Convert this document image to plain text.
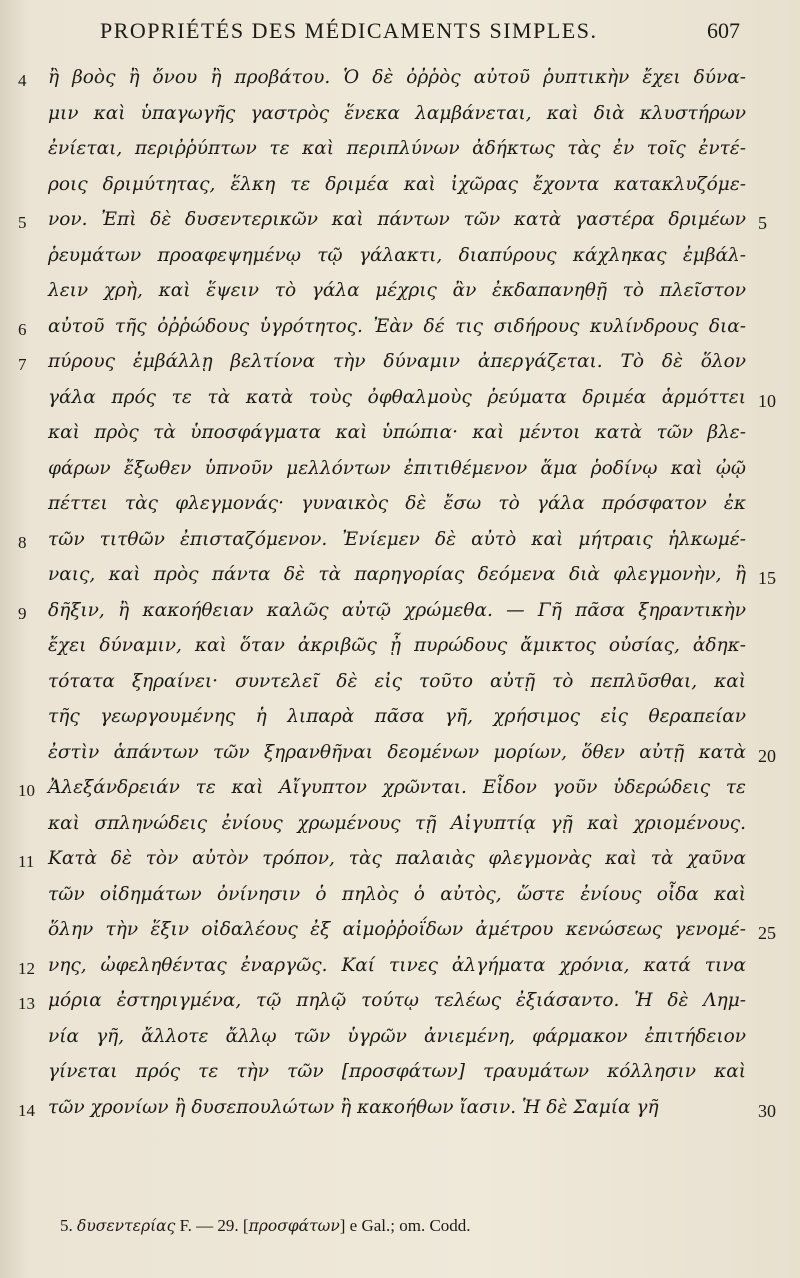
PROPRIÉTÉS DES MÉDICAMENTS SIMPLES.	607
4 ἢ βοὸς ἢ ὄνου ἢ προβάτου. Ὁ δὲ ὀῤῥὸς αὐτοῦ ῥυπτικὴν ἔχει δύνα-
μιν καὶ ὑπαγωγῆς γαστρὸς ἕνεκα λαμβάνεται, καὶ διὰ κλυστήρων
ἐνίεται, περιῤῥύπτων τε καὶ περιπλύνων ἀδήκτως τὰς ἐν τοῖς ἐντέ-
ροις δριμύτητας, ἕλκη τε δριμέα καὶ ἰχῶρας ἔχοντα κατακλυζόμε-
5 νον. Ἐπὶ δὲ δυσεντερικῶν καὶ πάντων τῶν κατὰ γαστέρα δριμέων 5
ῥευμάτων προαφεψημένῳ τῷ γάλακτι, διαπύρους κάχληκας ἐμβάλ-
λειν χρὴ, καὶ ἕψειν τὸ γάλα μέχρις ἂν ἐκδαπανηθῇ τὸ πλεῖστον
6 αὐτοῦ τῆς ὀῤῥώδους ὑγρότητος. Ἐὰν δέ τις σιδήρους κυλίνδρους δια-
7 πύρους ἐμβάλλῃ βελτίονα τὴν δύναμιν ἀπεργάζεται. Τὸ δὲ ὅλον
γάλα πρός τε τὰ κατὰ τοὺς ὀφθαλμοὺς ῥεύματα δριμέα ἁρμόττει 10
καὶ πρὸς τὰ ὑποσφάγματα καὶ ὑπώπια· καὶ μέντοι κατὰ τῶν βλε-
φάρων ἔξωθεν ὑπνοῦν μελλόντων ἐπιτιθέμενον ἅμα ῥοδίνῳ καὶ ᾠῷ
πέττει τὰς φλεγμονάς· γυναικὸς δὲ ἔσω τὸ γάλα πρόσφατον ἐκ
8 τῶν τιτθῶν ἐπισταζόμενον. Ἐνίεμεν δὲ αὐτὸ καὶ μήτραις ἡλκωμέ-
ναις, καὶ πρὸς πάντα δὲ τὰ παρηγορίας δεόμενα διὰ φλεγμονὴν, ἢ 15
9 δῆξιν, ἢ κακοήθειαν καλῶς αὐτῷ χρώμεθα. — Γῆ πᾶσα ξηραντικὴν
ἔχει δύναμιν, καὶ ὅταν ἀκριβῶς ᾖ πυρώδους ἄμικτος οὐσίας, ἀδηκ-
τότατα ξηραίνει· συντελεῖ δὲ εἰς τοῦτο αὐτῇ τὸ πεπλῦσθαι, καὶ
τῆς γεωργουμένης ἡ λιπαρὰ πᾶσα γῆ, χρήσιμος εἰς θεραπείαν
ἐστὶν ἁπάντων τῶν ξηρανθῆναι δεομένων μορίων, ὅθεν αὐτῇ κατὰ 20
10 Ἀλεξάνδρειάν τε καὶ Αἴγυπτον χρῶνται. Εἶδον γοῦν ὑδερώδεις τε
καὶ σπληνώδεις ἐνίους χρωμένους τῇ Αἰγυπτίᾳ γῇ καὶ χριομένους.
11 Κατὰ δὲ τὸν αὐτὸν τρόπον, τὰς παλαιὰς φλεγμονὰς καὶ τὰ χαῦνα
τῶν οἰδημάτων ὀνίνησιν ὁ πηλὸς ὁ αὐτὸς, ὥστε ἐνίους οἶδα καὶ
ὅλην τὴν ἕξιν οἰδαλέους ἐξ αἱμοῤῥοΐδων ἀμέτρου κενώσεως γενομέ- 25
12 νης, ὠφεληθέντας ἐναργῶς. Καί τινες ἀλγήματα χρόνια, κατά τινα
13 μόρια ἐστηριγμένα, τῷ πηλῷ τούτῳ τελέως ἐξιάσαντο. Ἡ δὲ Λημ-
νία γῆ, ἄλλοτε ἄλλῳ τῶν ὑγρῶν ἀνιεμένη, φάρμακον ἐπιτήδειον
γίνεται πρός τε τὴν τῶν [προσφάτων] τραυμάτων κόλλησιν καὶ
14 τῶν χρονίων ἢ δυσεπουλώτων ἢ κακοήθων ἴασιν. Ἡ δὲ Σαμία γῆ	30
5. δυσεντερίας F. — 29. [προσφάτων] e Gal.; om. Codd.
